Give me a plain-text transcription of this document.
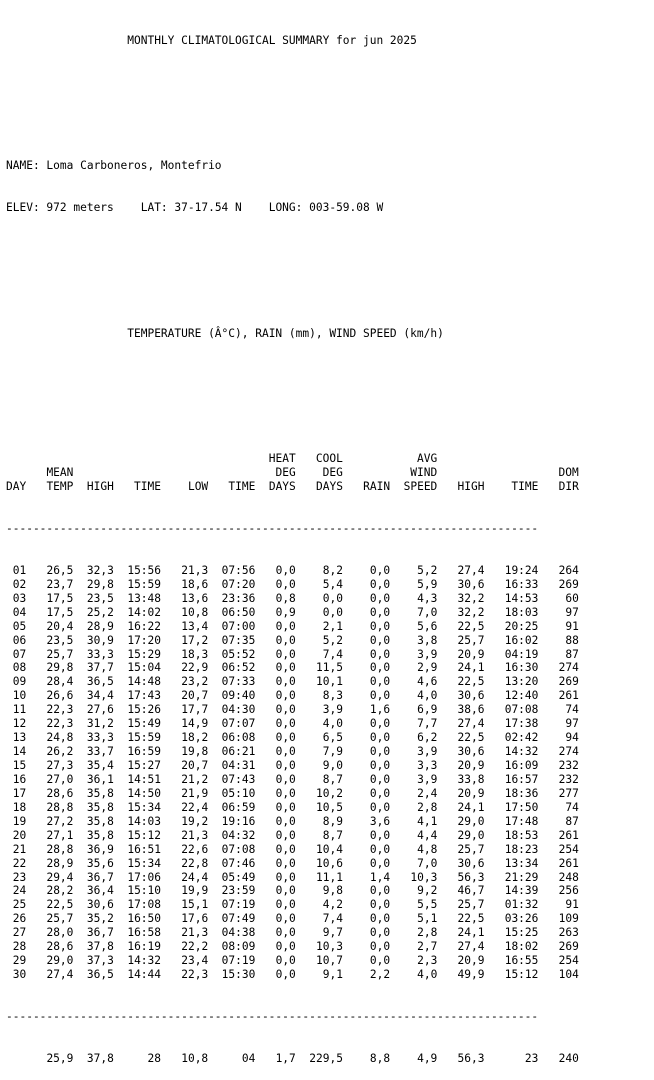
MONTHLY CLIMATOLOGICAL SUMMARY for jun 2025

NAME: Loma Carboneros, Montefrio

ELEV: 972 meters    LAT: 37-17.54 N    LONG: 003-59.08 W

TEMPERATURE (Â°C), RAIN (mm), WIND SPEED (km/h)

HEAT COOL	AVG
MEAN	DEG DEG	WIND	DOM
DAY TEMP HIGH TIME LOW TIME DAYS DAYS RAIN SPEED HIGH TIME DIR

-------------------------------------------------------------------------------

01 26,5 32,3 15:56 21,3 07:56 0,0 8,2 0,0 5,2 27,4 19:24 264
02 23,7 29,8 15:59 18,6 07:20 0,0 5,4 0,0 5,9 30,6 16:33 269
03 17,5 23,5 13:48 13,6 23:36 0,8 0,0 0,0 4,3 32,2 14:53 60
04 17,5 25,2 14:02 10,8 06:50 0,9 0,0 0,0 7,0 32,2 18:03 97
05 20,4 28,9 16:22 13,4 07:00 0,0 2,1 0,0 5,6 22,5 20:25 91
06 23,5 30,9 17:20 17,2 07:35 0,0 5,2 0,0 3,8 25,7 16:02 88
07 25,7 33,3 15:29 18,3 05:52 0,0 7,4 0,0 3,9 20,9 04:19 87
08 29,8 37,7 15:04 22,9 06:52 0,0 11,5 0,0 2,9 24,1 16:30 274
09 28,4 36,5 14:48 23,2 07:33 0,0 10,1 0,0 4,6 22,5 13:20 269
10 26,6 34,4 17:43 20,7 09:40 0,0 8,3 0,0 4,0 30,6 12:40 261
11 22,3 27,6 15:26 17,7 04:30 0,0 3,9 1,6 6,9 38,6 07:08 74
12 22,3 31,2 15:49 14,9 07:07 0,0 4,0 0,0 7,7 27,4 17:38 97
13 24,8 33,3 15:59 18,2 06:08 0,0 6,5 0,0 6,2 22,5 02:42 94
14 26,2 33,7 16:59 19,8 06:21 0,0 7,9 0,0 3,9 30,6 14:32 274
15 27,3 35,4 15:27 20,7 04:31 0,0 9,0 0,0 3,3 20,9 16:09 232
16 27,0 36,1 14:51 21,2 07:43 0,0 8,7 0,0 3,9 33,8 16:57 232
17 28,6 35,8 14:50 21,9 05:10 0,0 10,2 0,0 2,4 20,9 18:36 277
18 28,8 35,8 15:34 22,4 06:59 0,0 10,5 0,0 2,8 24,1 17:50 74
19 27,2 35,8 14:03 19,2 19:16 0,0 8,9 3,6 4,1 29,0 17:48 87
20 27,1 35,8 15:12 21,3 04:32 0,0 8,7 0,0 4,4 29,0 18:53 261
21 28,8 36,9 16:51 22,6 07:08 0,0 10,4 0,0 4,8 25,7 18:23 254
22 28,9 35,6 15:34 22,8 07:46 0,0 10,6 0,0 7,0 30,6 13:34 261
23 29,4 36,7 17:06 24,4 05:49 0,0 11,1 1,4 10,3 56,3 21:29 248
24 28,2 36,4 15:10 19,9 23:59 0,0 9,8 0,0 9,2 46,7 14:39 256
25 22,5 30,6 17:08 15,1 07:19 0,0 4,2 0,0 5,5 25,7 01:32 91
26 25,7 35,2 16:50 17,6 07:49 0,0 7,4 0,0 5,1 22,5 03:26 109
27 28,0 36,7 16:58 21,3 04:38 0,0 9,7 0,0 2,8 24,1 15:25 263
28 28,6 37,8 16:19 22,2 08:09 0,0 10,3 0,0 2,7 27,4 18:02 269
29 29,0 37,3 14:32 23,4 07:19 0,0 10,7 0,0 2,3 20,9 16:55 254
30 27,4 36,5 14:44 22,3 15:30 0,0 9,1 2,2 4,0 49,9 15:12 104

-------------------------------------------------------------------------------

25,9 37,8	28 10,8	04 1,7 229,5 8,8 4,9 56,3	23 240
